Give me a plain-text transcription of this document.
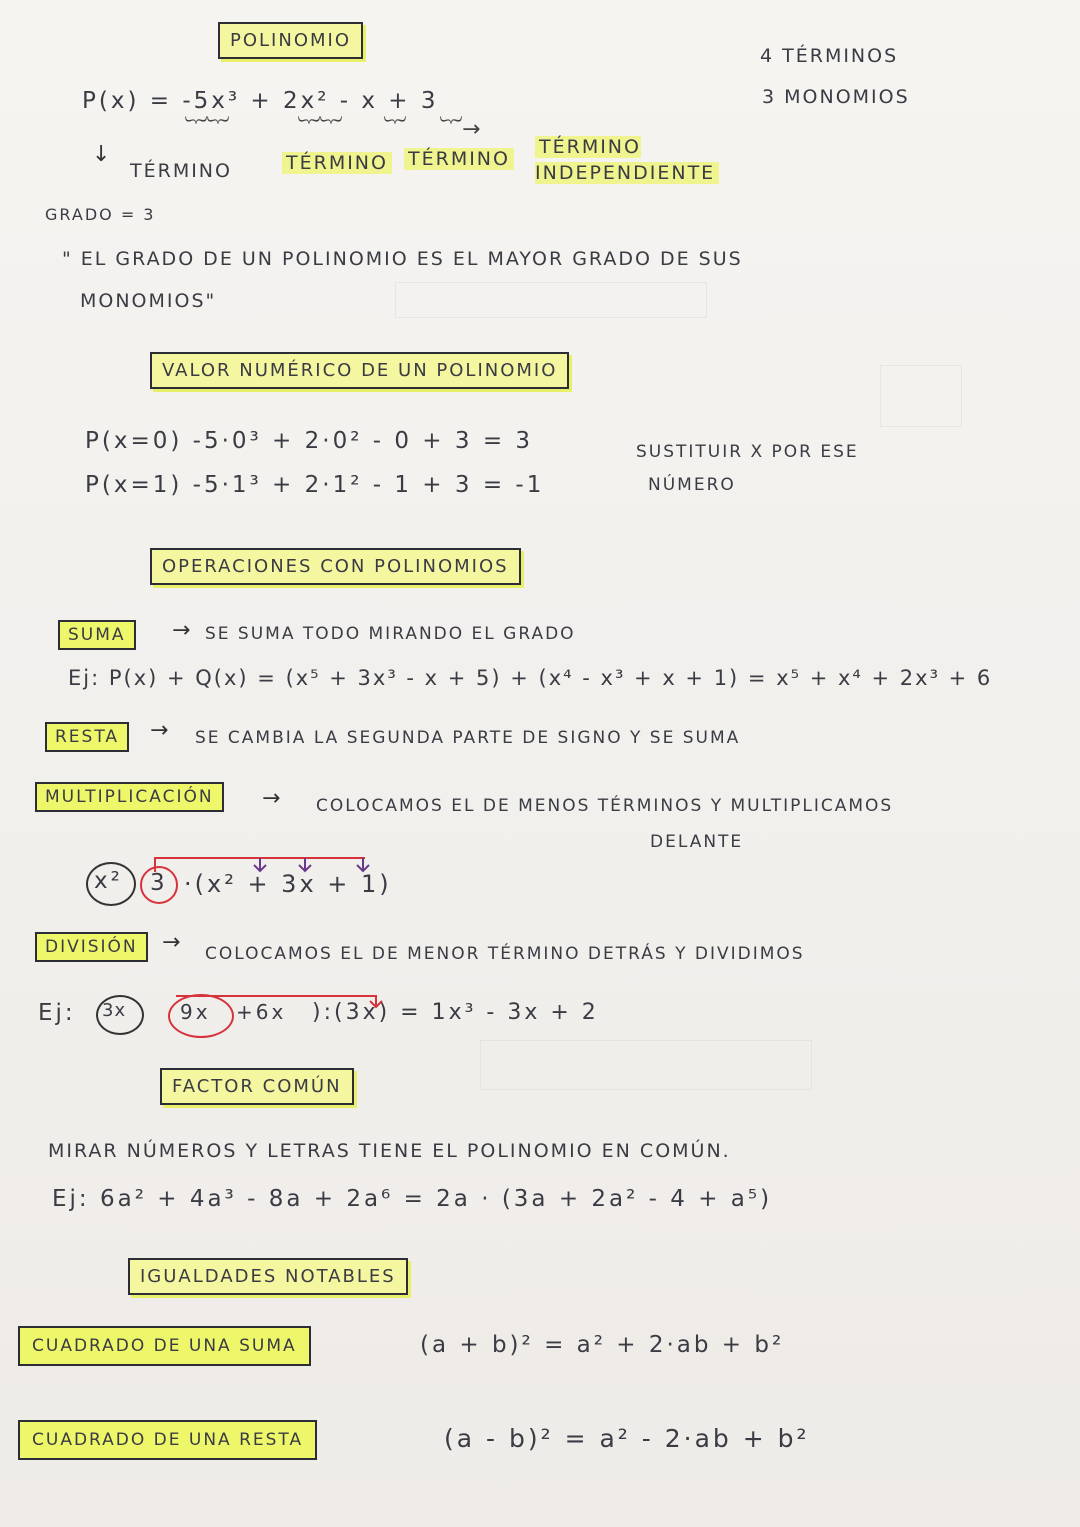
POLINOMIO
P(x) = -5x³ + 2x² - x + 3
︸︸	︸︸ ︸ ︸→
↓
TÉRMINO	TÉRMINO TÉRMINO
TÉRMINO INDEPENDIENTE
4 TÉRMINOS
3 MONOMIOS
GRADO = 3
" EL GRADO DE UN POLINOMIO ES EL MAYOR GRADO DE SUS
MONOMIOS"
VALOR NUMÉRICO DE UN POLINOMIO
P(x=0) -5·0³ + 2·0² - 0 + 3 = 3
P(x=1) -5·1³ + 2·1² - 1 + 3 = -1
SUSTITUIR X POR ESE
NÚMERO
OPERACIONES CON POLINOMIOS
SUMA	→ SE SUMA TODO MIRANDO EL GRADO
Ej: P(x) + Q(x) = (x⁵ + 3x³ - x + 5) + (x⁴ - x³ + x + 1) = x⁵ + x⁴ + 2x³ + 6
RESTA	→ SE CAMBIA LA SEGUNDA PARTE DE SIGNO Y SE SUMA
MULTIPLICACIÓN	→ COLOCAMOS EL DE MENOS TÉRMINOS Y MULTIPLICAMOS
DELANTE
x² 3 ·(x² + 3x + 1)
DIVISIÓN	→ COLOCAMOS EL DE MENOR TÉRMINO DETRÁS Y DIVIDIMOS
Ej: 3x	9x +6x ):(3x) = 1x³ - 3x + 2
FACTOR COMÚN
MIRAR NÚMEROS Y LETRAS TIENE EL POLINOMIO EN COMÚN.
Ej: 6a² + 4a³ - 8a + 2a⁶ = 2a · (3a + 2a² - 4 + a⁵)
IGUALDADES NOTABLES
CUADRADO DE UNA SUMA	(a + b)² = a² + 2·ab + b²
CUADRADO DE UNA RESTA	(a - b)² = a² - 2·ab + b²
